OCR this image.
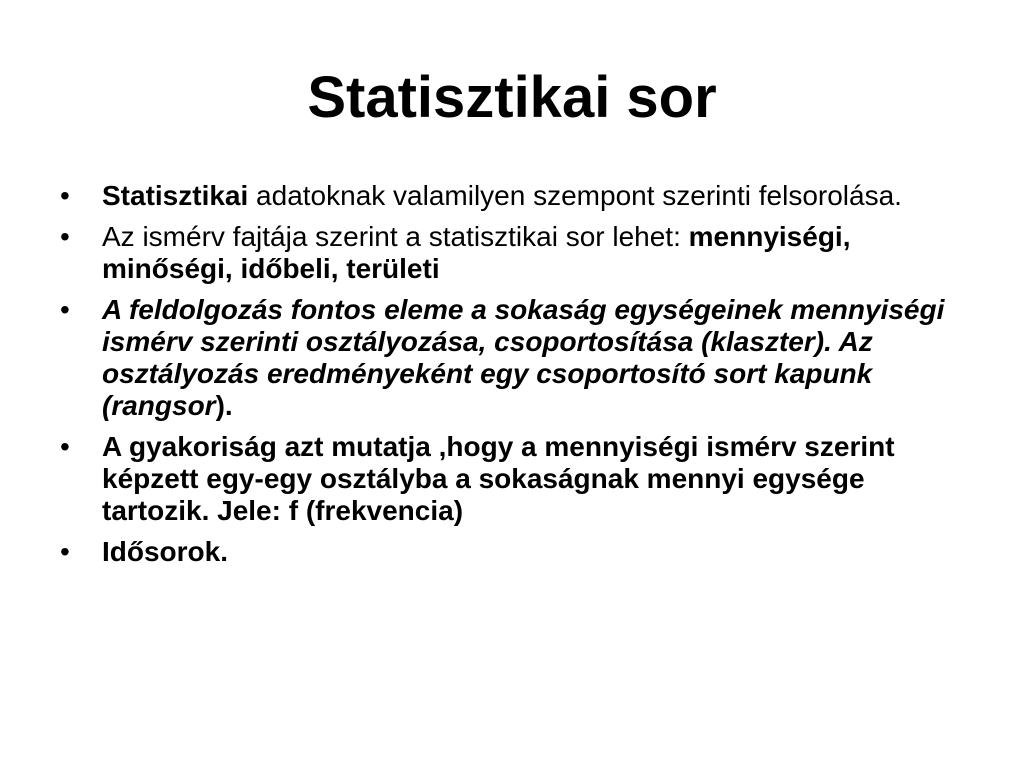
Statisztikai sor
•	Statisztikai adatoknak valamilyen szempont szerinti felsorolása.
•	Az ismérv fajtája szerint a statisztikai sor lehet: mennyiségi, minőségi, időbeli, területi
•	A feldolgozás fontos eleme a sokaság egységeinek mennyiségi ismérv szerinti osztályozása, csoportosítása (klaszter). Az osztályozás eredményeként egy csoportosító sort kapunk (rangsor).
•	A gyakoriság azt mutatja ,hogy a mennyiségi ismérv szerint képzett egy-egy osztályba a sokaságnak mennyi egysége tartozik. Jele: f (frekvencia)
•	Idősorok.
